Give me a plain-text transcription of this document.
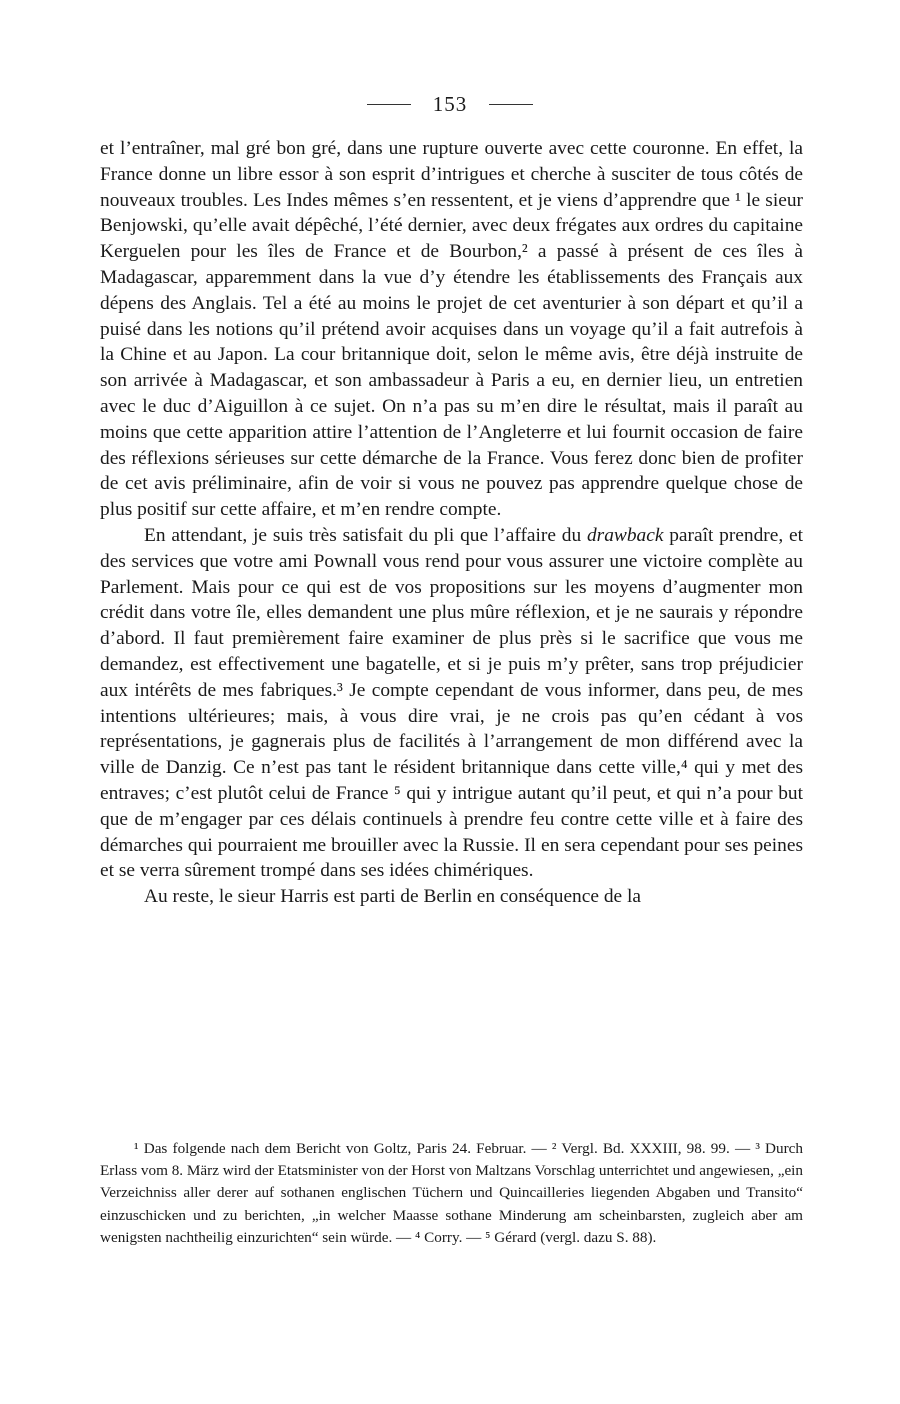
153

et l’entraîner, mal gré bon gré, dans une rupture ouverte avec cette couronne. En effet, la France donne un libre essor à son esprit d’intrigues et cherche à susciter de tous côtés de nouveaux troubles. Les Indes mêmes s’en ressentent, et je viens d’apprendre que ¹ le sieur Benjowski, qu’elle avait dépêché, l’été dernier, avec deux frégates aux ordres du capitaine Kerguelen pour les îles de France et de Bourbon,² a passé à présent de ces îles à Madagascar, apparemment dans la vue d’y étendre les établissements des Français aux dépens des Anglais. Tel a été au moins le projet de cet aventurier à son départ et qu’il a puisé dans les notions qu’il prétend avoir acquises dans un voyage qu’il a fait autrefois à la Chine et au Japon. La cour britannique doit, selon le même avis, être déjà instruite de son arrivée à Madagascar, et son ambassadeur à Paris a eu, en dernier lieu, un entretien avec le duc d’Aiguillon à ce sujet. On n’a pas su m’en dire le résultat, mais il paraît au moins que cette apparition attire l’attention de l’Angleterre et lui fournit occasion de faire des réflexions sérieuses sur cette démarche de la France. Vous ferez donc bien de profiter de cet avis préliminaire, afin de voir si vous ne pouvez pas apprendre quelque chose de plus positif sur cette affaire, et m’en rendre compte.

En attendant, je suis très satisfait du pli que l’affaire du drawback paraît prendre, et des services que votre ami Pownall vous rend pour vous assurer une victoire complète au Parlement. Mais pour ce qui est de vos propositions sur les moyens d’augmenter mon crédit dans votre île, elles demandent une plus mûre réflexion, et je ne saurais y répondre d’abord. Il faut premièrement faire examiner de plus près si le sacrifice que vous me demandez, est effectivement une bagatelle, et si je puis m’y prêter, sans trop préjudicier aux intérêts de mes fabriques.³ Je compte cependant de vous informer, dans peu, de mes intentions ultérieures; mais, à vous dire vrai, je ne crois pas qu’en cédant à vos représentations, je gagnerais plus de facilités à l’arrangement de mon différend avec la ville de Danzig. Ce n’est pas tant le résident britannique dans cette ville,⁴ qui y met des entraves; c’est plutôt celui de France ⁵ qui y intrigue autant qu’il peut, et qui n’a pour but que de m’engager par ces délais continuels à prendre feu contre cette ville et à faire des démarches qui pourraient me brouiller avec la Russie. Il en sera cependant pour ses peines et se verra sûrement trompé dans ses idées chimériques.

Au reste, le sieur Harris est parti de Berlin en conséquence de la

¹ Das folgende nach dem Bericht von Goltz, Paris 24. Februar. — ² Vergl. Bd. XXXIII, 98. 99. — ³ Durch Erlass vom 8. März wird der Etatsminister von der Horst von Maltzans Vorschlag unterrichtet und angewiesen, „ein Verzeichniss aller derer auf sothanen englischen Tüchern und Quincailleries liegenden Abgaben und Transito“ einzuschicken und zu berichten, „in welcher Maasse sothane Minderung am scheinbarsten, zugleich aber am wenigsten nachtheilig einzurichten“ sein würde. — ⁴ Corry. — ⁵ Gérard (vergl. dazu S. 88).
